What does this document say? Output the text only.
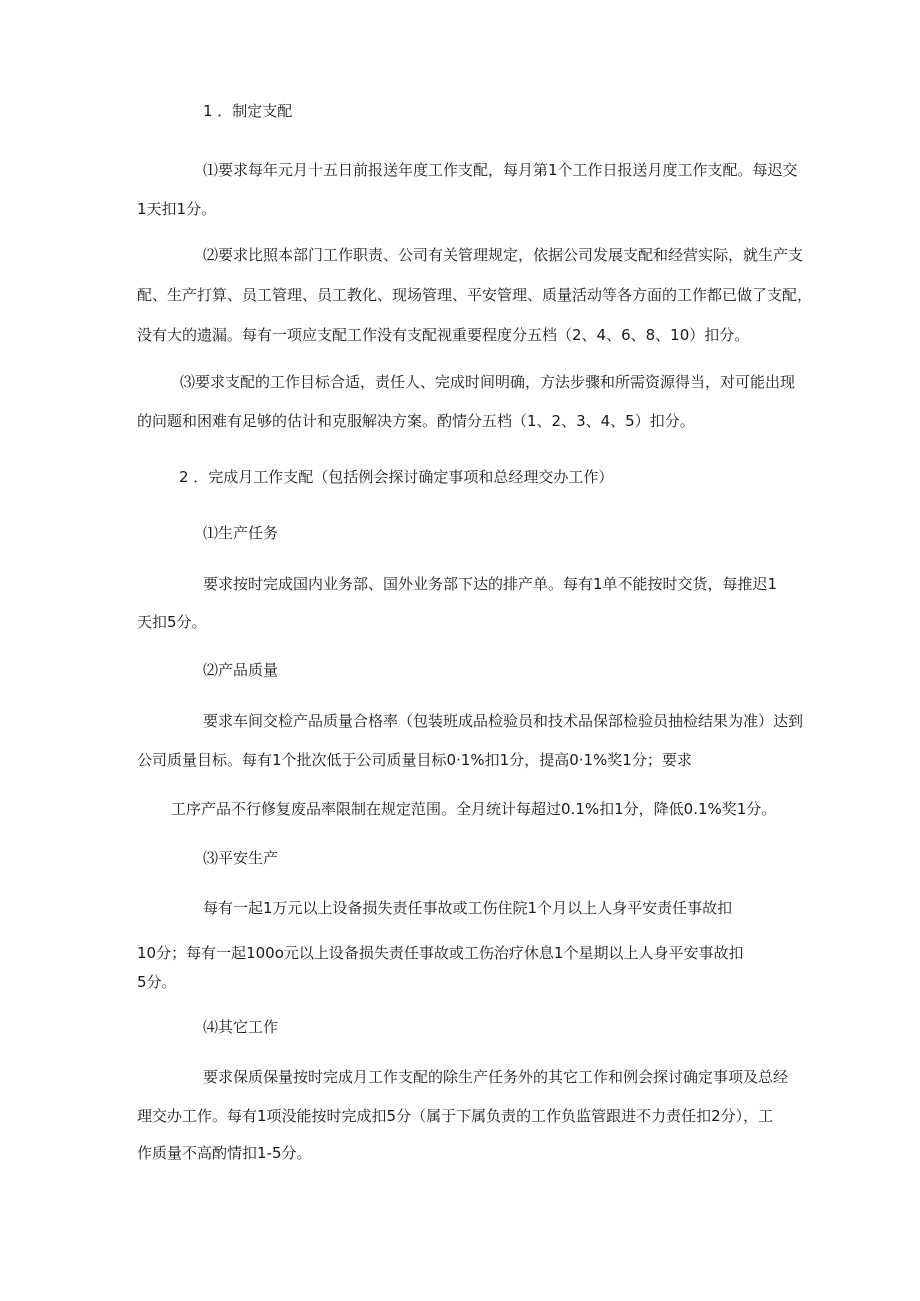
1 ．制定支配
⑴要求每年元月十五日前报送年度工作支配，每月第1个工作日报送月度工作支配。每迟交
1天扣1分。
⑵要求比照本部门工作职责、公司有关管理规定，依据公司发展支配和经营实际，就生产支
配、生产打算、员工管理、员工教化、现场管理、平安管理、质量活动等各方面的工作都已做了支配，
没有大的遗漏。每有一项应支配工作没有支配视重要程度分五档（2、4、6、8、10）扣分。
⑶要求支配的工作目标合适，责任人、完成时间明确，方法步骤和所需资源得当，对可能出现
的问题和困难有足够的估计和克服解决方案。酌情分五档（1、2、3、4、5）扣分。
2 ．完成月工作支配（包括例会探讨确定事项和总经理交办工作）
⑴生产任务
要求按时完成国内业务部、国外业务部下达的排产单。每有1单不能按时交货，每推迟1
天扣5分。
⑵产品质量
要求车间交检产品质量合格率（包装班成品检验员和技术品保部检验员抽检结果为准）达到
公司质量目标。每有1个批次低于公司质量目标0·1%扣1分，提高0·1%奖1分；要求
工序产品不行修复废品率限制在规定范围。全月统计每超过0.1%扣1分，降低0.1%奖1分。
⑶平安生产
每有一起1万元以上设备损失责任事故或工伤住院1个月以上人身平安责任事故扣
10分；每有一起100o元以上设备损失责任事故或工伤治疗休息1个星期以上人身平安事故扣
5分。
⑷其它工作
要求保质保量按时完成月工作支配的除生产任务外的其它工作和例会探讨确定事项及总经
理交办工作。每有1项没能按时完成扣5分（属于下属负责的工作负监管跟进不力责任扣2分），工
作质量不高酌情扣1-5分。
